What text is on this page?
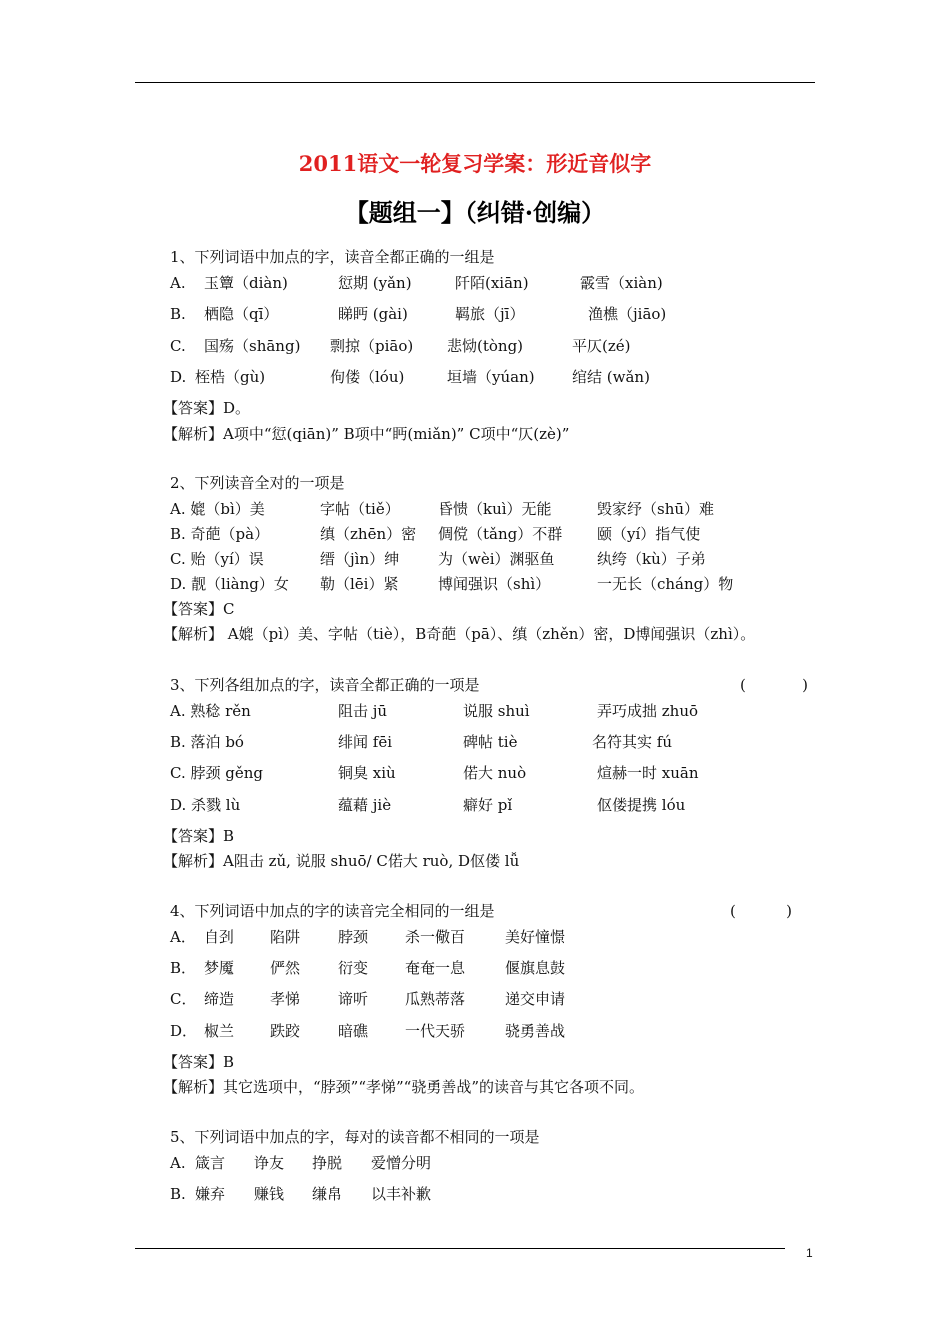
2011语文一轮复习学案：形近音似字
【题组一】（纠错·创编）
1、下列词语中加点的字，读音全都正确的一组是
A. 玉簟（diàn)	愆期 (yǎn)	阡陌(xiān)	霰雪（xiàn)
B. 栖隐（qī）	睇眄 (gài)	羁旅（jī）	渔樵（jiāo)
C. 国殇（shāng) 剽掠（piāo) 悲恸(tòng)	平仄(zé)
D. 桎梏（gù)	佝偻（lóu)	垣墙（yúan) 绾结 (wǎn)
【答案】D。
【解析】A项中“愆(qiān)” B项中“眄(miǎn)” C项中“仄(zè)”
2、下列读音全对的一项是
A. 媲（bì）美	字帖（tiě）	昏愦（kuì）无能	毁家纾（shū）难
B. 奇葩（pà）	缜（zhēn）密 倜傥（tǎng）不群 颐（yí）指气使
C. 贻（yí）误	缙（jìn）绅	为（wèi）渊驱鱼	纨绔（kù）子弟
D. 靓（liàng）女 勒（lēi）紧	博闻强识（shì）	一无长（cháng）物
【答案】C
【解析】 A媲（pì）美、字帖（tiè），B奇葩（pā）、缜（zhěn）密，D博闻强识（zhì）。
3、下列各组加点的字，读音全都正确的一项是	(	)
A. 熟稔 rěn	阻击 jū	说服 shuì	弄巧成拙 zhuō
B. 落泊 bó	绯闻 fēi	碑帖 tiè	名符其实 fú
C. 脖颈 gěng	铜臭 xiù	偌大 nuò	煊赫一时 xuān
D. 杀戮 lù	蕴藉 jiè	癖好 pǐ	伛偻提携 lóu
【答案】B
【解析】A阻击 zǔ, 说服 shuō/ C偌大 ruò, D伛偻 lǚ
4、下列词语中加点的字的读音完全相同的一组是	(	)
A． 自刭 陷阱	脖颈 杀一儆百	美好憧憬
B． 梦魇 俨然	衍变 奄奄一息	偃旗息鼓
C． 缔造 孝悌	谛听 瓜熟蒂落	递交申请
D． 椒兰 跌跤	暗礁 一代天骄	骁勇善战
【答案】B
【解析】其它选项中，“脖颈”“孝悌”“骁勇善战”的读音与其它各项不同。
5、下列词语中加点的字，每对的读音都不相同的一项是
A. 箴言 诤友 挣脱 爱憎分明
B. 嫌弃 赚钱 缣帛 以丰补歉
1
